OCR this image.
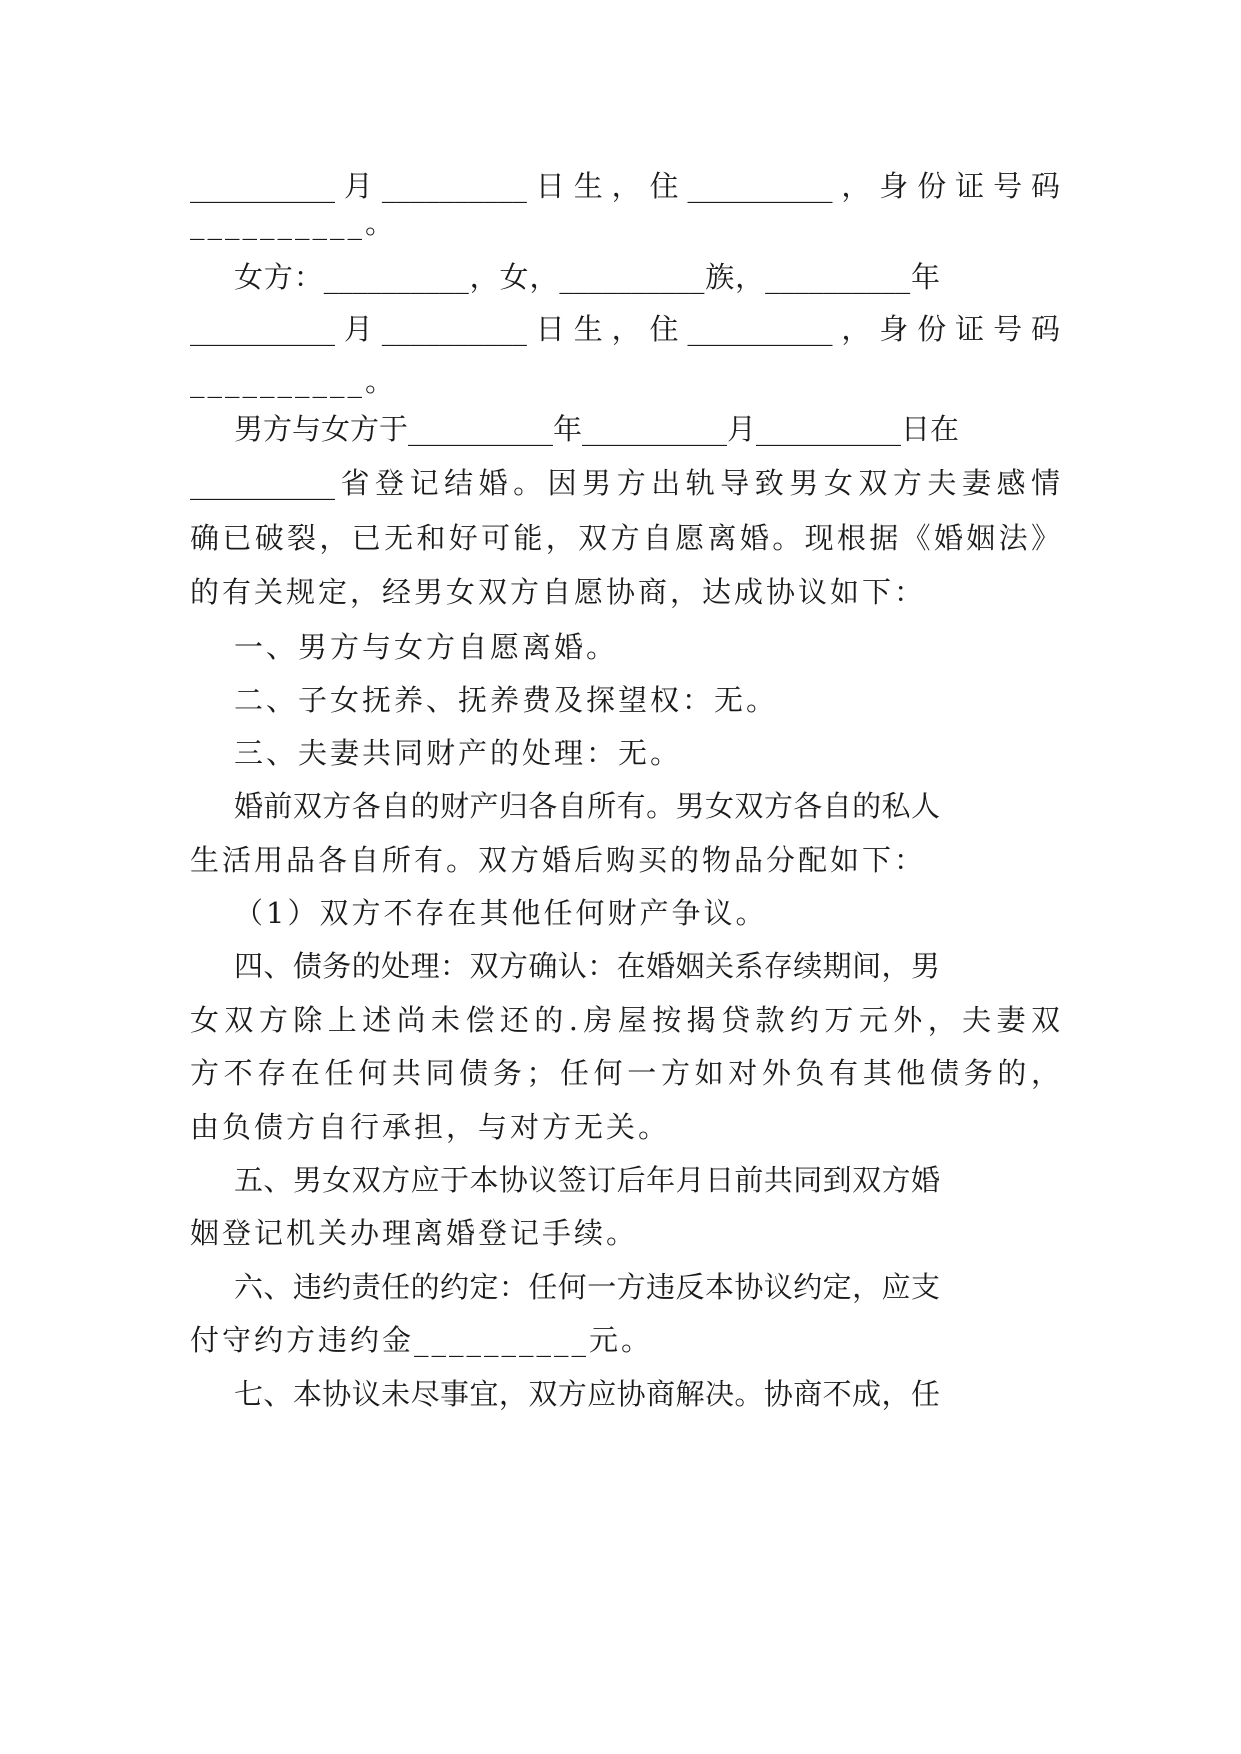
__________月__________日生，住__________，身份证号码
__________。
女方：__________，女，__________族，__________年
__________月__________日生，住__________，身份证号码
__________。
男方与女方于__________年__________月__________日在
__________省登记结婚。因男方出轨导致男女双方夫妻感情
确已破裂，已无和好可能，双方自愿离婚。现根据《婚姻法》
的有关规定，经男女双方自愿协商，达成协议如下：
一、男方与女方自愿离婚。
二、子女抚养、抚养费及探望权：无。
三、夫妻共同财产的处理：无。
婚前双方各自的财产归各自所有。男女双方各自的私人
生活用品各自所有。双方婚后购买的物品分配如下：
（1）双方不存在其他任何财产争议。
四、债务的处理：双方确认：在婚姻关系存续期间，男
女双方除上述尚未偿还的.房屋按揭贷款约万元外，夫妻双
方不存在任何共同债务；任何一方如对外负有其他债务的，
由负债方自行承担，与对方无关。
五、男女双方应于本协议签订后年月日前共同到双方婚
姻登记机关办理离婚登记手续。
六、违约责任的约定：任何一方违反本协议约定，应支
付守约方违约金__________元。
七、本协议未尽事宜，双方应协商解决。协商不成，任
